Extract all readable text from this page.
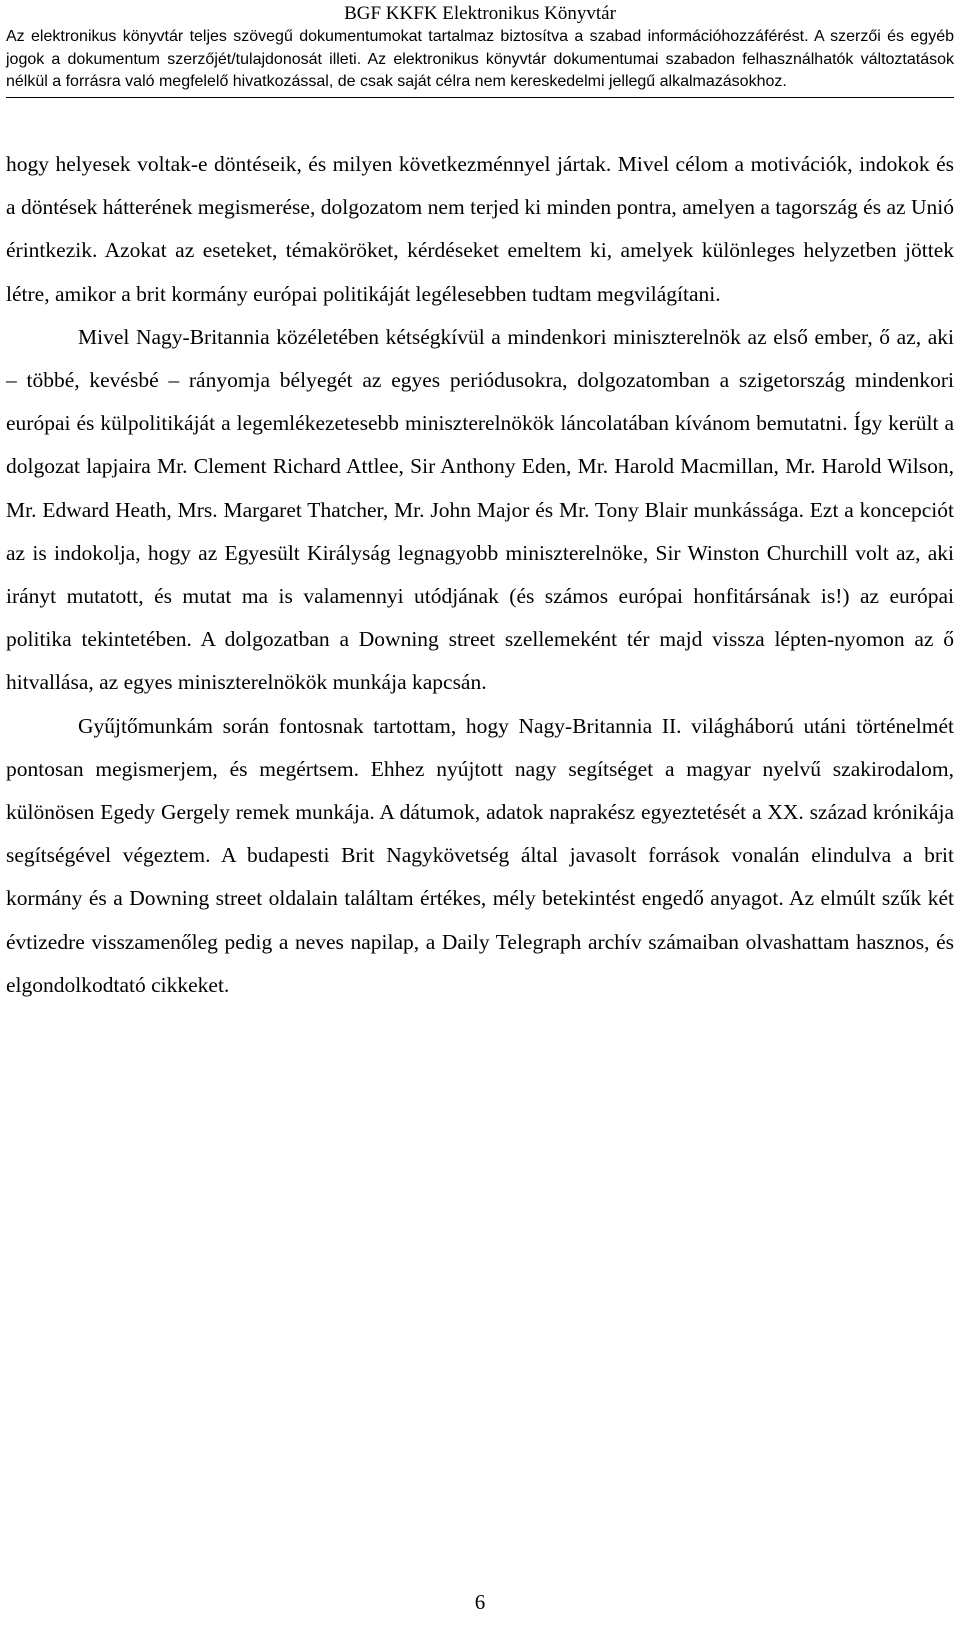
BGF KKFK Elektronikus Könyvtár
Az elektronikus könyvtár teljes szövegű dokumentumokat tartalmaz biztosítva a szabad információhozzáférést. A szerzői és egyéb jogok a dokumentum szerzőjét/tulajdonosát illeti. Az elektronikus könyvtár dokumentumai szabadon felhasználhatók változtatások nélkül a forrásra való megfelelő hivatkozással, de csak saját célra nem kereskedelmi jellegű alkalmazásokhoz.

hogy helyesek voltak-e döntéseik, és milyen következménnyel jártak. Mivel célom a motivációk, indokok és a döntések hátterének megismerése, dolgozatom nem terjed ki minden pontra, amelyen a tagország és az Unió érintkezik. Azokat az eseteket, témaköröket, kérdéseket emeltem ki, amelyek különleges helyzetben jöttek létre, amikor a brit kormány európai politikáját legélesebben tudtam megvilágítani.

Mivel Nagy-Britannia közéletében kétségkívül a mindenkori miniszterelnök az első ember, ő az, aki – többé, kevésbé – rányomja bélyegét az egyes periódusokra, dolgozatomban a szigetország mindenkori európai és külpolitikáját a legemlékezetesebb miniszterelnökök láncolatában kívánom bemutatni. Így került a dolgozat lapjaira Mr. Clement Richard Attlee, Sir Anthony Eden, Mr. Harold Macmillan, Mr. Harold Wilson, Mr. Edward Heath, Mrs. Margaret Thatcher, Mr. John Major és Mr. Tony Blair munkássága. Ezt a koncepciót az is indokolja, hogy az Egyesült Királyság legnagyobb miniszterelnöke, Sir Winston Churchill volt az, aki irányt mutatott, és mutat ma is valamennyi utódjának (és számos európai honfitársának is!) az európai politika tekintetében. A dolgozatban a Downing street szellemeként tér majd vissza lépten-nyomon az ő hitvallása, az egyes miniszterelnökök munkája kapcsán.

Gyűjtőmunkám során fontosnak tartottam, hogy Nagy-Britannia II. világháború utáni történelmét pontosan megismerjem, és megértsem. Ehhez nyújtott nagy segítséget a magyar nyelvű szakirodalom, különösen Egedy Gergely remek munkája. A dátumok, adatok naprakész egyeztetését a XX. század krónikája segítségével végeztem. A budapesti Brit Nagykövetség által javasolt források vonalán elindulva a brit kormány és a Downing street oldalain találtam értékes, mély betekintést engedő anyagot. Az elmúlt szűk két évtizedre visszamenőleg pedig a neves napilap, a Daily Telegraph archív számaiban olvashattam hasznos, és elgondolkodtató cikkeket.

6
